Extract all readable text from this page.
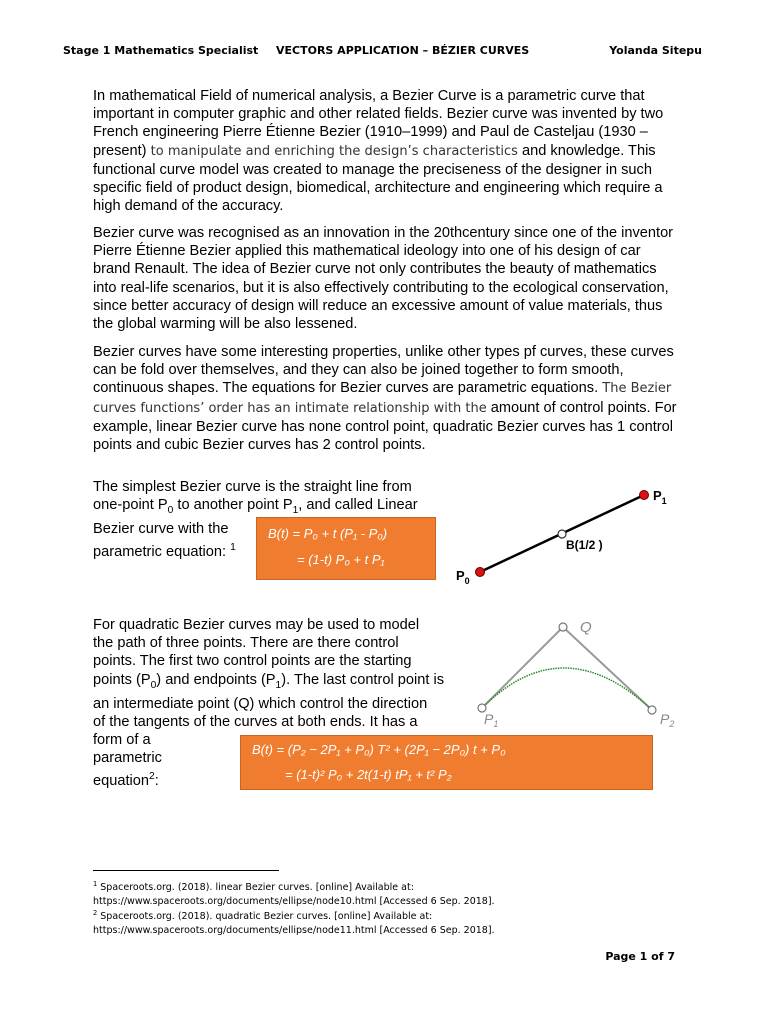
Stage 1 Mathematics Specialist VECTORS APPLICATION – BÉZIER CURVES	Yolanda Sitepu

In mathematical Field of numerical analysis, a Bezier Curve is a parametric curve that important in computer graphic and other related fields. Bezier curve was invented by two French engineering Pierre Étienne Bezier (1910–1999) and Paul de Casteljau (1930 –present) to manipulate and enriching the design’s characteristics and knowledge. This functional curve model was created to manage the preciseness of the designer in such specific field of product design, biomedical, architecture and engineering which require a high demand of the accuracy.

Bezier curve was recognised as an innovation in the 20thcentury since one of the inventor Pierre Étienne Bezier applied this mathematical ideology into one of his design of car brand Renault. The idea of Bezier curve not only contributes the beauty of mathematics into real-life scenarios, but it is also effectively contributing to the ecological conservation, since better accuracy of design will reduce an excessive amount of value materials, thus the global warming will be also lessened.

Bezier curves have some interesting properties, unlike other types pf curves, these curves can be fold over themselves, and they can also be joined together to form smooth, continuous shapes. The equations for Bezier curves are parametric equations. The Bezier curves functions’ order has an intimate relationship with the amount of control points. For example, linear Bezier curve has none control point, quadratic Bezier curves has 1 control points and cubic Bezier curves has 2 control points.

The simplest Bezier curve is the straight line from
one-point $P_0$ to another point $P_1$, and called Linear
Bezier curve with the
parametric equation: $^1$
B(t) = P₀ + t (P₁ - P₀)
= (1-t) P₀ + t P₁
$P_0$
$P_1$
B(1/2 )
For quadratic Bezier curves may be used to model
the path of three points. There are there control
points. The first two control points are the starting
points $(P_0)$ and endpoints $(P_1)$. The last control point is
an intermediate point (Q) which control the direction
of the tangents of the curves at both ends. It has a
form of a
parametric
equation$^2$:
Q
$P_1$	$P_2$
B(t) = (P₂ − 2P₁ + P₀) T² + (2P₁ − 2P₀) t + P₀
= (1-t)² P₀ + 2t(1-t) tP₁ + t² P₂
$^1$ Spaceroots.org. (2018). linear Bezier curves. [online] Available at:
https://www.spaceroots.org/documents/ellipse/node10.html [Accessed 6 Sep. 2018].
$^2$ Spaceroots.org. (2018). quadratic Bezier curves. [online] Available at:
https://www.spaceroots.org/documents/ellipse/node11.html [Accessed 6 Sep. 2018].
Page 1 of 7
